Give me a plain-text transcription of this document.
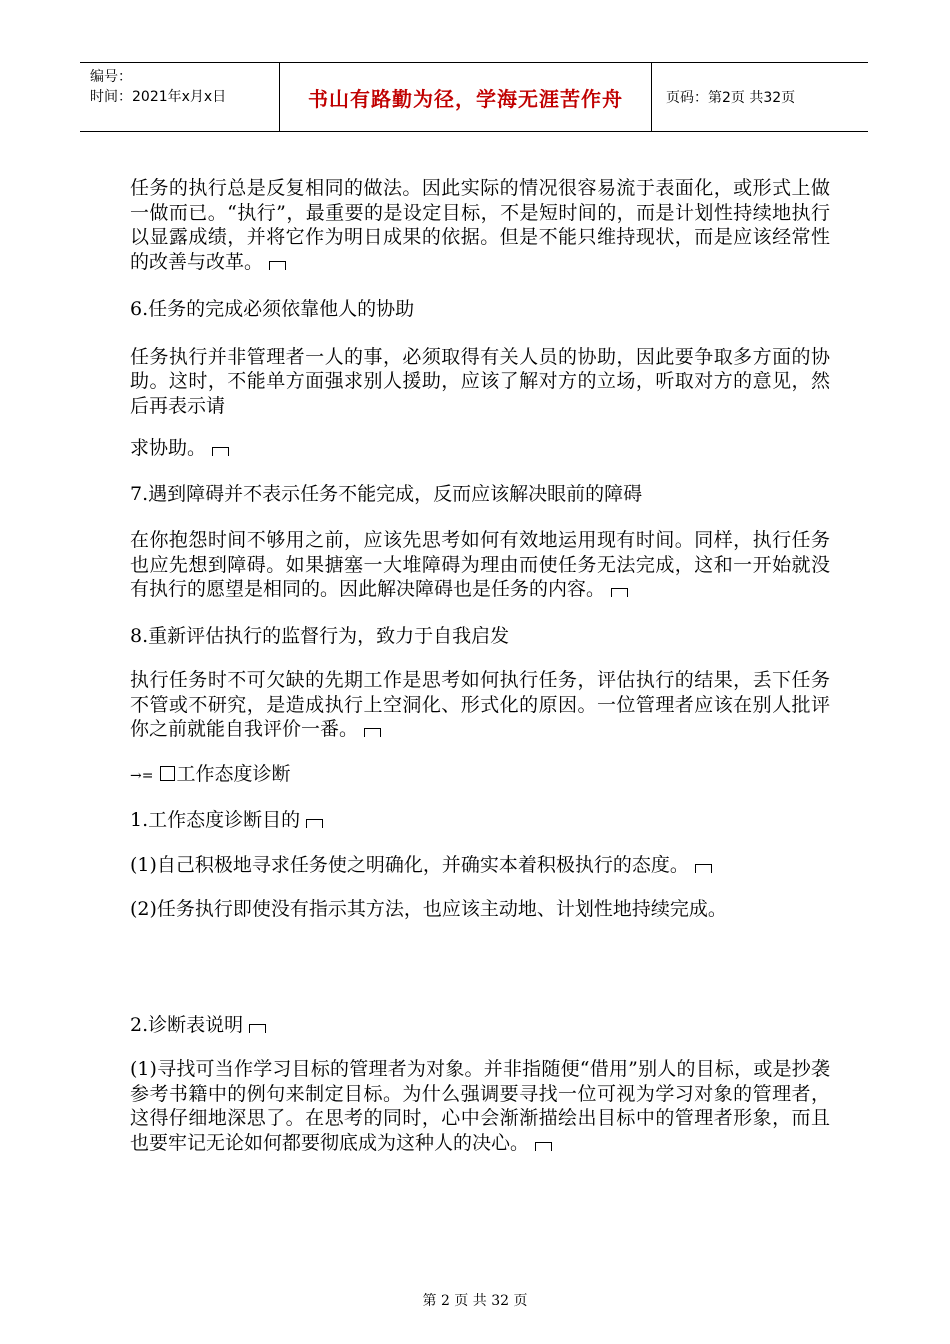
编号：
时间：2021年x月x日	书山有路勤为径，学海无涯苦作舟	页码：第2页 共32页

任务的执行总是反复相同的做法。因此实际的情况很容易流于表面化，或形式上做一做而已。“执行”，最重要的是设定目标，不是短时间的，而是计划性持续地执行以显露成绩，并将它作为明日成果的依据。但是不能只维持现状，而是应该经常性的改善与改革。

6.任务的完成必须依靠他人的协助

任务执行并非管理者一人的事，必须取得有关人员的协助，因此要争取多方面的协助。这时，不能单方面强求别人援助，应该了解对方的立场，听取对方的意见，然后再表示请

求协助。

7.遇到障碍并不表示任务不能完成，反而应该解决眼前的障碍

在你抱怨时间不够用之前，应该先思考如何有效地运用现有时间。同样，执行任务也应先想到障碍。如果搪塞一大堆障碍为理由而使任务无法完成，这和一开始就没有执行的愿望是相同的。因此解决障碍也是任务的内容。

8.重新评估执行的监督行为，致力于自我启发

执行任务时不可欠缺的先期工作是思考如何执行任务，评估执行的结果，丢下任务不管或不研究，是造成执行上空洞化、形式化的原因。一位管理者应该在别人批评你之前就能自我评价一番。

→= 工作态度诊断

1.工作态度诊断目的

(1)自己积极地寻求任务使之明确化，并确实本着积极执行的态度。

(2)任务执行即使没有指示其方法，也应该主动地、计划性地持续完成。

2.诊断表说明

(1)寻找可当作学习目标的管理者为对象。并非指随便“借用”别人的目标，或是抄袭参考书籍中的例句来制定目标。为什么强调要寻找一位可视为学习对象的管理者，这得仔细地深思了。在思考的同时，心中会渐渐描绘出目标中的管理者形象，而且也要牢记无论如何都要彻底成为这种人的决心。

第 2 页 共 32 页
